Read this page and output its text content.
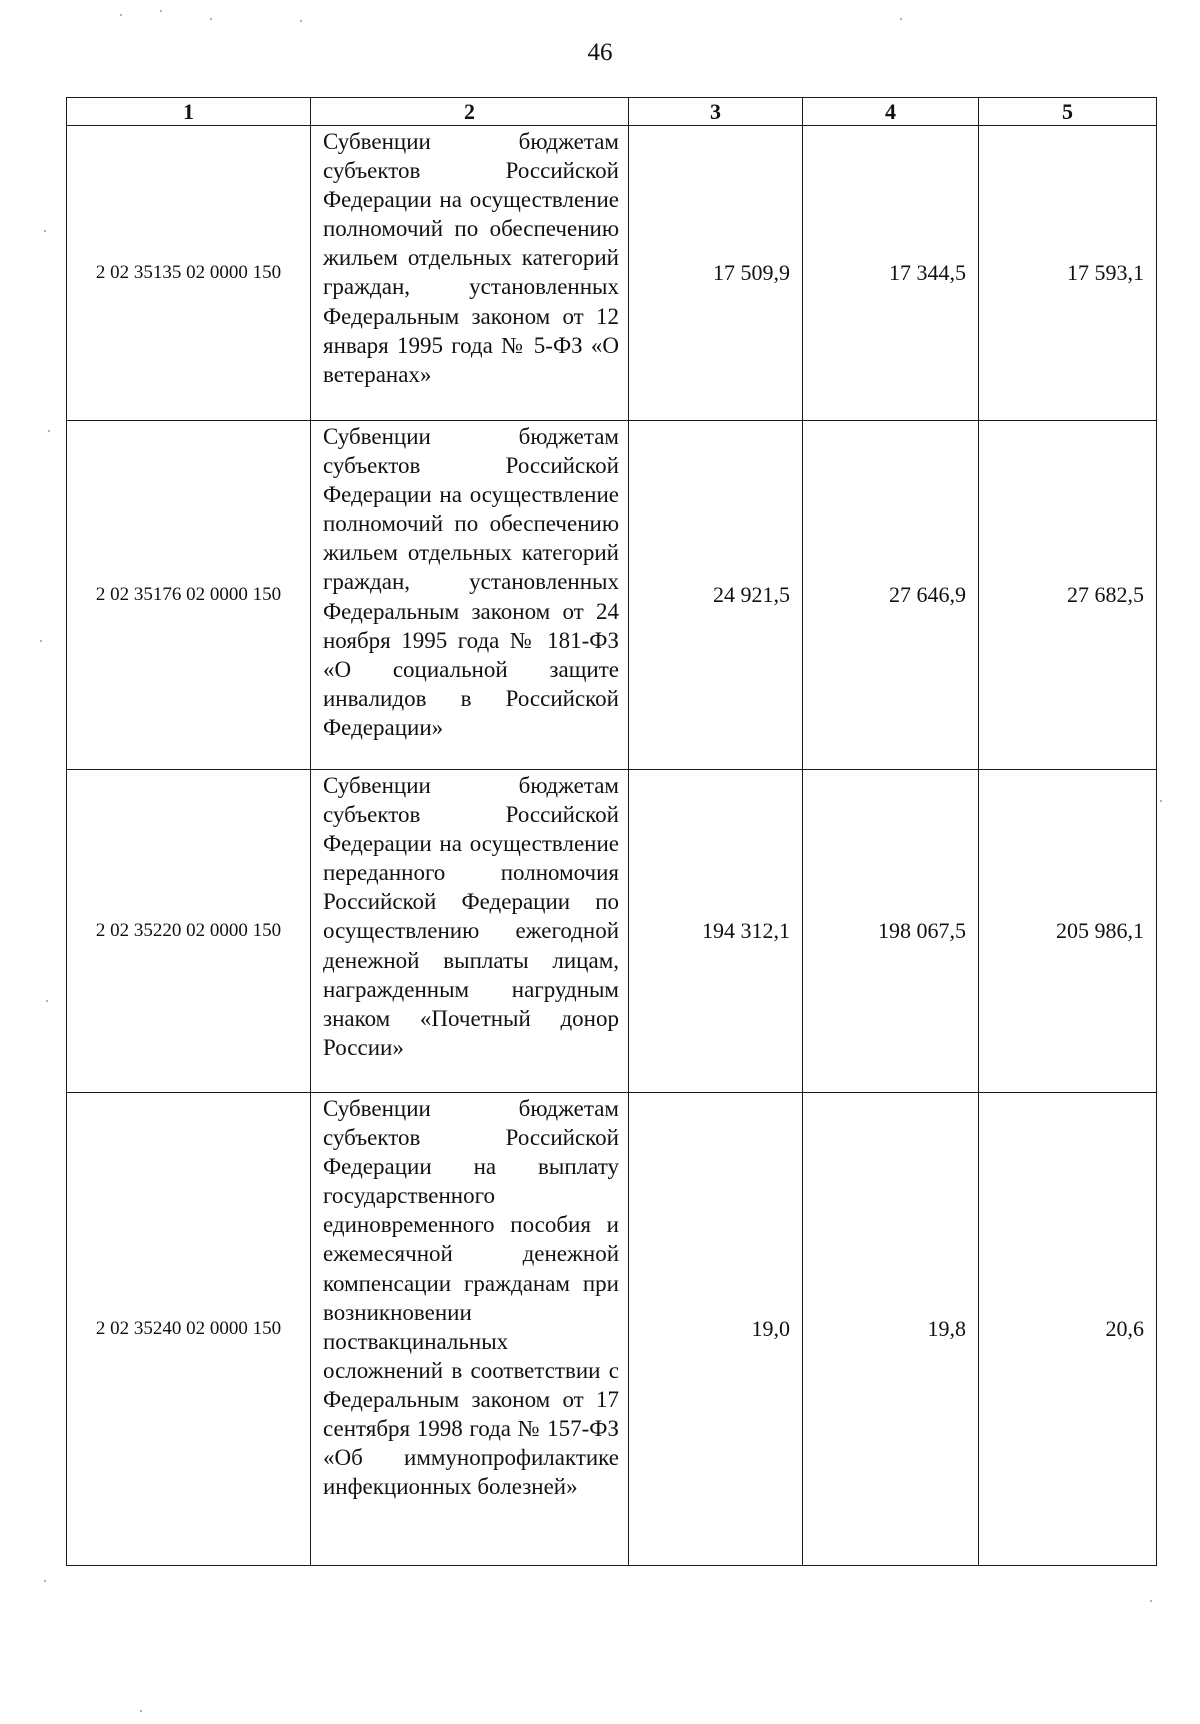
46
1	2	3	4	5
2 02 35135 02 0000 150	Субвенции бюджетам субъектов Российской Федерации на осуществление полномочий по обеспечению жильем отдельных категорий граждан, установленных Федеральным законом от 12 января 1995 года № 5-ФЗ «О ветеранах»	17 509,9	17 344,5	17 593,1
2 02 35176 02 0000 150	Субвенции бюджетам субъектов Российской Федерации на осуществление полномочий по обеспечению жильем отдельных категорий граждан, установленных Федеральным законом от 24 ноября 1995 года № 181-ФЗ «О социальной защите инвалидов в Российской Федерации»	24 921,5	27 646,9	27 682,5
2 02 35220 02 0000 150	Субвенции бюджетам субъектов Российской Федерации на осуществление переданного полномочия Российской Федерации по осуществлению ежегодной денежной выплаты лицам, награжденным нагрудным знаком «Почетный донор России»	194 312,1	198 067,5	205 986,1
2 02 35240 02 0000 150	Субвенции бюджетам субъектов Российской Федерации на выплату государственного единовременного пособия и ежемесячной денежной компенсации гражданам при возникновении поствакцинальных осложнений в соответствии с Федеральным законом от 17 сентября 1998 года № 157-ФЗ «Об иммунопрофилактике инфекционных болезней»	19,0	19,8	20,6
